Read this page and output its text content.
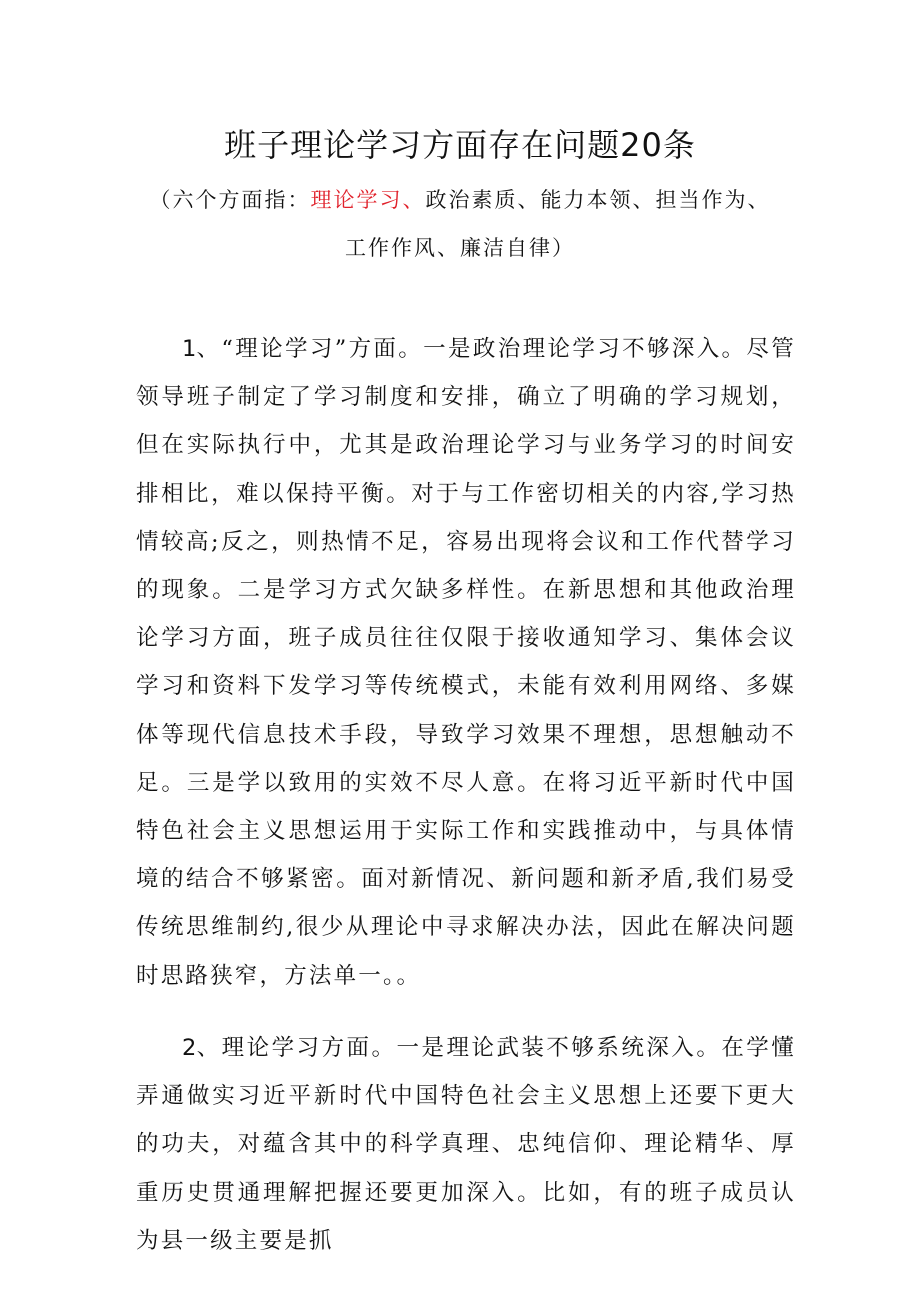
班子理论学习方面存在问题20条

（六个方面指：理论学习、政治素质、能力本领、担当作为、

工作作风、廉洁自律）

1、“理论学习”方面。一是政治理论学习不够深入。尽管领导班子制定了学习制度和安排，确立了明确的学习规划，但在实际执行中，尤其是政治理论学习与业务学习的时间安排相比，难以保持平衡。对于与工作密切相关的内容,学习热情较高;反之，则热情不足，容易出现将会议和工作代替学习的现象。二是学习方式欠缺多样性。在新思想和其他政治理论学习方面，班子成员往往仅限于接收通知学习、集体会议学习和资料下发学习等传统模式，未能有效利用网络、多媒体等现代信息技术手段，导致学习效果不理想，思想触动不足。三是学以致用的实效不尽人意。在将习近平新时代中国特色社会主义思想运用于实际工作和实践推动中，与具体情境的结合不够紧密。面对新情况、新问题和新矛盾,我们易受传统思维制约,很少从理论中寻求解决办法，因此在解决问题时思路狭窄，方法单一。。

2、理论学习方面。一是理论武装不够系统深入。在学懂弄通做实习近平新时代中国特色社会主义思想上还要下更大的功夫，对蕴含其中的科学真理、忠纯信仰、理论精华、厚重历史贯通理解把握还要更加深入。比如，有的班子成员认为县一级主要是抓
